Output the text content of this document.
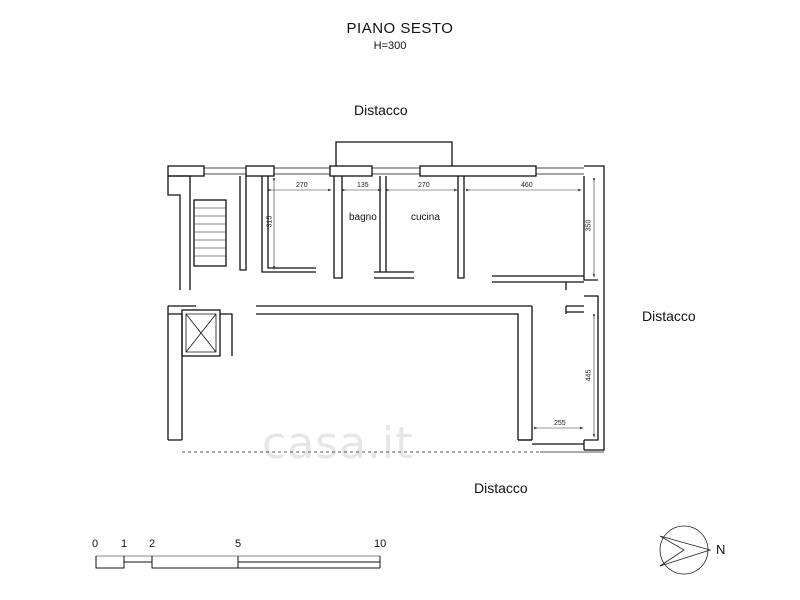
PIANO SESTO
H=300
casa.it
Distacco
Distacco
Distacco
bagno	cucina
270	135	270	460
315	350
445
255
0 1 2	5	10	N
